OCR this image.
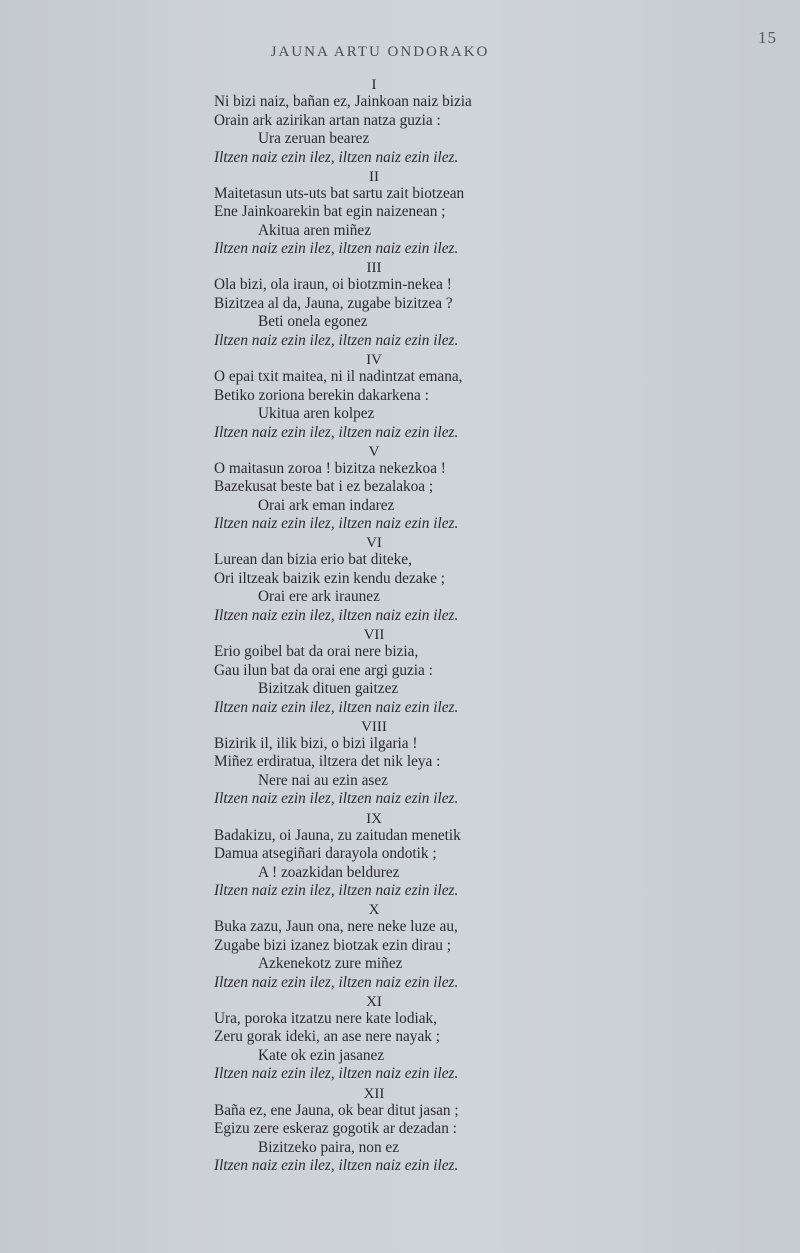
15
JAUNA ARTU ONDORAKO
I
Ni bizi naiz, bañan ez, Jainkoan naiz bizia
Orain ark azirikan artan natza guzia :
Ura zeruan bearez
Iltzen naiz ezin ilez, iltzen naiz ezin ilez.
II
Maitetasun uts-uts bat sartu zait biotzean
Ene Jainkoarekin bat egin naizenean ;
Akitua aren miñez
Iltzen naiz ezin ilez, iltzen naiz ezin ilez.
III
Ola bizi, ola iraun, oi biotzmin-nekea !
Bizitzea al da, Jauna, zugabe bizitzea ?
Beti onela egonez
Iltzen naiz ezin ilez, iltzen naiz ezin ilez.
IV
O epai txit maitea, ni il nadintzat emana,
Betiko zoriona berekin dakarkena :
Ukitua aren kolpez
Iltzen naiz ezin ilez, iltzen naiz ezin ilez.
V
O maitasun zoroa ! bizitza nekezkoa !
Bazekusat beste bat i ez bezalakoa ;
Orai ark eman indarez
Iltzen naiz ezin ilez, iltzen naiz ezin ilez.
VI
Lurean dan bizia erio bat diteke,
Ori iltzeak baizik ezin kendu dezake ;
Orai ere ark iraunez
Iltzen naiz ezin ilez, iltzen naiz ezin ilez.
VII
Erio goibel bat da orai nere bizia,
Gau ilun bat da orai ene argi guzia :
Bizitzak dituen gaitzez
Iltzen naiz ezin ilez, iltzen naiz ezin ilez.
VIII
Bizirik il, ilik bizi, o bizi ilgaria !
Miñez erdiratua, iltzera det nik leya :
Nere nai au ezin asez
Iltzen naiz ezin ilez, iltzen naiz ezin ilez.
IX
Badakizu, oi Jauna, zu zaitudan menetik
Damua atsegiñari darayola ondotik ;
A ! zoazkidan beldurez
Iltzen naiz ezin ilez, iltzen naiz ezin ilez.
X
Buka zazu, Jaun ona, nere neke luze au,
Zugabe bizi izanez biotzak ezin dirau ;
Azkenekotz zure miñez
Iltzen naiz ezin ilez, iltzen naiz ezin ilez.
XI
Ura, poroka itzatzu nere kate lodiak,
Zeru gorak ideki, an ase nere nayak ;
Kate ok ezin jasanez
Iltzen naiz ezin ilez, iltzen naiz ezin ilez.
XII
Baña ez, ene Jauna, ok bear ditut jasan ;
Egizu zere eskeraz gogotik ar dezadan :
Bizitzeko paira, non ez
Iltzen naiz ezin ilez, iltzen naiz ezin ilez.
